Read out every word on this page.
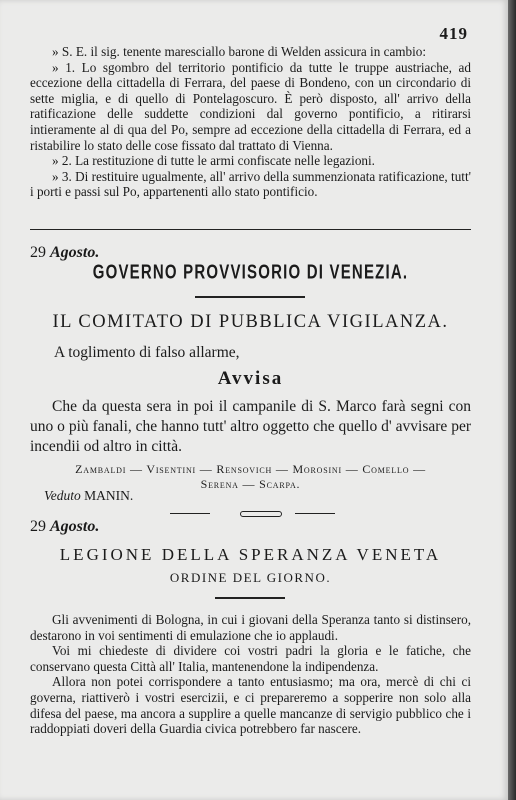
419

» S. E. il sig. tenente maresciallo barone di Welden assicura in cambio:

» 1. Lo sgombro del territorio pontificio da tutte le truppe austriache, ad eccezione della cittadella di Ferrara, del paese di Bondeno, con un circondario di sette miglia, e di quello di Pontelagoscuro. È però disposto, all' arrivo della ratificazione delle suddette condizioni dal governo pontificio, a ritirarsi intieramente al di qua del Po, sempre ad eccezione della cittadella di Ferrara, ed a ristabilire lo stato delle cose fissato dal trattato di Vienna.

» 2. La restituzione di tutte le armi confiscate nelle legazioni.

» 3. Di restituire ugualmente, all' arrivo della summenzionata ratificazione, tutt' i porti e passi sul Po, appartenenti allo stato pontificio.

29 Agosto.
GOVERNO PROVVISORIO DI VENEZIA.
IL COMITATO DI PUBBLICA VIGILANZA.
A toglimento di falso allarme,
Avvisa

Che da questa sera in poi il campanile di S. Marco farà segni con uno o più fanali, che hanno tutt' altro oggetto che quello d' avvisare per incendii od altro in città.

Zambaldi — Visentini — Rensovich — Morosini — Comello —
Serena — Scarpa.
Veduto MANIN.
29 Agosto.
LEGIONE DELLA SPERANZA VENETA
ORDINE DEL GIORNO.

Gli avvenimenti di Bologna, in cui i giovani della Speranza tanto si distinsero, destarono in voi sentimenti di emulazione che io applaudi.

Voi mi chiedeste di dividere coi vostri padri la gloria e le fatiche, che conservano questa Città all' Italia, mantenendone la indipendenza.

Allora non potei corrispondere a tanto entusiasmo; ma ora, mercè di chi ci governa, riattiverò i vostri esercizii, e ci prepareremo a sopperire non solo alla difesa del paese, ma ancora a supplire a quelle mancanze di servigio pubblico che i raddoppiati doveri della Guardia civica potrebbero far nascere.
